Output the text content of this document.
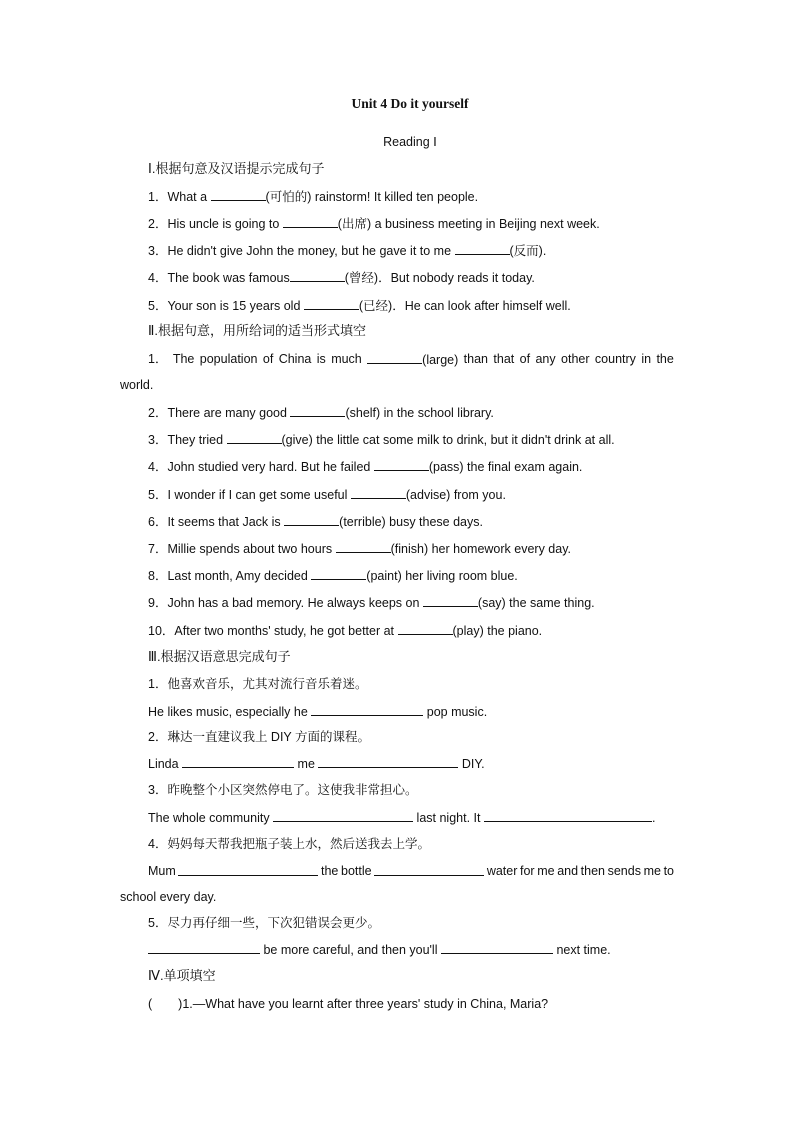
Unit 4 Do it yourself
Reading Ⅰ
Ⅰ.根据句意及汉语提示完成句子
1．What a	(可怕的) rainstorm! It killed ten people.
2．His uncle is going to	(出席) a business meeting in Beijing next week.
3．He didn't give John the money, but he gave it to me	(反而).
4．The book was famous	(曾经)．But nobody reads it today.
5．Your son is 15 years old	(已经)．He can look after himself well.
Ⅱ.根据句意，用所给词的适当形式填空
1． The population of China is much	(large) than that of any other country in the
world.
2．There are many good	(shelf) in the school library.
3．They tried	(give) the little cat some milk to drink, but it didn't drink at all.
4．John studied very hard. But he failed	(pass) the final exam again.
5．I wonder if I can get some useful	(advise) from you.
6．It seems that Jack is	(terrible) busy these days.
7．Millie spends about two hours	(finish) her homework every day.
8．Last month, Amy decided	(paint) her living room blue.
9．John has a bad memory. He always keeps on	(say) the same thing.
10．After two months' study, he got better at	(play) the piano.
Ⅲ.根据汉语意思完成句子
1．他喜欢音乐，尤其对流行音乐着迷。
He likes music, especially he	pop music.
2．琳达一直建议我上 DIY 方面的课程。
Linda	me	DIY.
3．昨晚整个小区突然停电了。这使我非常担心。
The whole community	last night. It	.
4．妈妈每天帮我把瓶子装上水，然后送我去上学。
Mum	the bottle	water for me and then sends me to
school every day.
5．尽力再仔细一些，下次犯错误会更少。
be more careful, and then you'll	next time.
Ⅳ.单项填空
( )1.—What have you learnt after three years' study in China, Maria?
